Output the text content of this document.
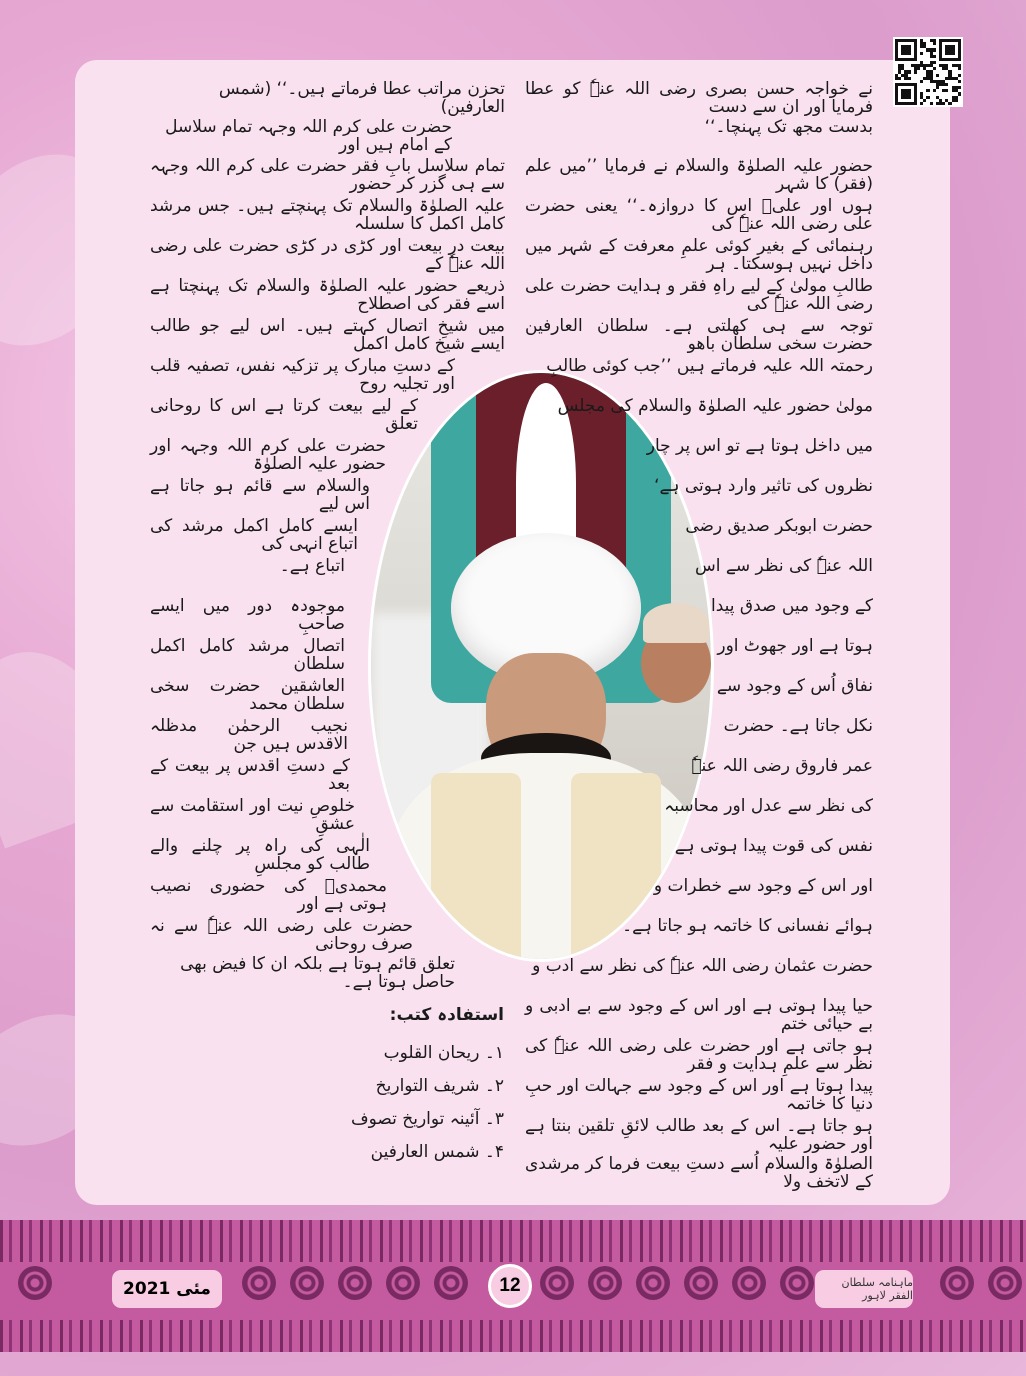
نے خواجہ حسن بصری رضی اللہ عنہٗ کو عطا فرمایا اور ان سے دست
بدست مجھ تک پہنچا۔‘‘
حضور علیہ الصلوٰۃ والسلام نے فرمایا ’’میں علم (فقر) کا شہر
ہوں اور علیؓ اس کا دروازہ۔‘‘ یعنی حضرت علی رضی اللہ عنہٗ کی
رہنمائی کے بغیر کوئی علمِ معرفت کے شہر میں داخل نہیں ہوسکتا۔ ہر
طالبِ مولیٰ کے لیے راہِ فقر و ہدایت حضرت علی رضی اللہ عنہٗ کی
توجہ سے ہی کھلتی ہے۔ سلطان العارفین حضرت سخی سلطان باھو
رحمتہ اللہ علیہ فرماتے ہیں ’’جب کوئی طالبِ
مولیٰ حضور علیہ الصلوٰۃ والسلام کی مجلس
میں داخل ہوتا ہے تو اس پر چار
نظروں کی تاثیر وارد ہوتی ہے‘
حضرت ابوبکر صدیق رضی
اللہ عنہٗ کی نظر سے اس
کے وجود میں صدق پیدا
ہوتا ہے اور جھوٹ اور
نفاق اُس کے وجود سے
نکل جاتا ہے۔ حضرت
عمر فاروق رضی اللہ عنہٗ
کی نظر سے عدل اور محاسبہ
نفس کی قوت پیدا ہوتی ہے
اور اس کے وجود سے خطرات و
ہوائے نفسانی کا خاتمہ ہو جاتا ہے۔
حضرت عثمان رضی اللہ عنہٗ کی نظر سے ادب و
حیا پیدا ہوتی ہے اور اس کے وجود سے بے ادبی و بے حیائی ختم
ہو جاتی ہے اور حضرت علی رضی اللہ عنہٗ کی نظر سے علمِ ہدایت و فقر
پیدا ہوتا ہے اور اس کے وجود سے جہالت اور حبِ دنیا کا خاتمہ
ہو جاتا ہے۔ اس کے بعد طالب لائقِ تلقین بنتا ہے اور حضور علیہ
الصلوٰۃ والسلام اُسے دستِ بیعت فرما کر مرشدی کے لاتخف ولا
تحزن مراتب عطا فرماتے ہیں۔‘‘ (شمس العارفین)
حضرت علی کرم اللہ وجہہ تمام سلاسل کے امام ہیں اور
تمام سلاسل بابِ فقر حضرت علی کرم اللہ وجہہ سے ہی گزر کر حضور
علیہ الصلوٰۃ والسلام تک پہنچتے ہیں۔ جس مرشد کامل اکمل کا سلسلہ
بیعت در بیعت اور کڑی در کڑی حضرت علی رضی اللہ عنہٗ کے
ذریعے حضور علیہ الصلوٰۃ والسلام تک پہنچتا ہے اسے فقر کی اصطلاح
میں شیخِ اتصال کہتے ہیں۔ اس لیے جو طالب ایسے شیخ کامل اکمل
کے دستِ مبارک پر تزکیہ نفس، تصفیہ قلب اور تجلیہ روح
کے لیے بیعت کرتا ہے اس کا روحانی تعلق
حضرت علی کرم اللہ وجہہ اور حضور علیہ الصلوٰۃ
والسلام سے قائم ہو جاتا ہے اس لیے
ایسے کامل اکمل مرشد کی اتباع انہی کی
اتباع ہے۔
موجودہ دور میں ایسے صاحبِ
اتصال مرشد کامل اکمل سلطان
العاشقین حضرت سخی سلطان محمد
نجیب الرحمٰن مدظلہ الاقدس ہیں جن
کے دستِ اقدس پر بیعت کے بعد
خلوصِ نیت اور استقامت سے عشقِ
الٰہی کی راہ پر چلنے والے طالب کو مجلسِ
محمدیؐ کی حضوری نصیب ہوتی ہے اور
حضرت علی رضی اللہ عنہٗ سے نہ صرف روحانی
تعلق قائم ہوتا ہے بلکہ ان کا فیض بھی حاصل ہوتا ہے۔
استفادہ کتب:
۱۔ ریحان القلوب
۲۔ شریف التواریخ
۳۔ آئینہ تواریخ تصوف
۴۔ شمس العارفین
مئی 2021	12	ماہنامہ سلطان الفقر لاہور
